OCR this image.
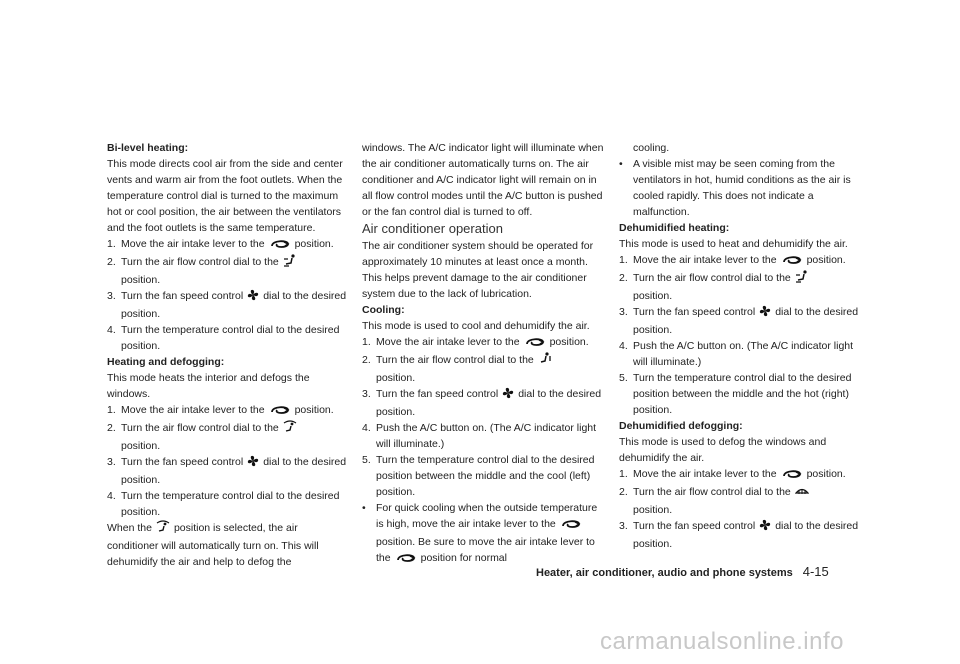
Bi-level heating:

This mode directs cool air from the side and center vents and warm air from the foot outlets. When the temperature control dial is turned to the maximum hot or cool position, the air between the ventilators and the foot outlets is the same temperature.

1. Move the air intake lever to the	position.
2. Turn the air flow control dial to the
position.
3. Turn the fan speed control dial to the desired position.
4. Turn the temperature control dial to the desired position.

Heating and defogging:

This mode heats the interior and defogs the windows.

1. Move the air intake lever to the	position.
2. Turn the air flow control dial to the
position.
3. Turn the fan speed control dial to the desired position.
4. Turn the temperature control dial to the desired position.

When the position is selected, the air conditioner will automatically turn on. This will dehumidify the air and help to defog the

windows. The A/C indicator light will illuminate when the air conditioner automatically turns on. The air conditioner and A/C indicator light will remain on in all flow control modes until the A/C button is pushed or the fan control dial is turned to off.

Air conditioner operation

The air conditioner system should be operated for approximately 10 minutes at least once a month. This helps prevent damage to the air conditioner system due to the lack of lubrication.

Cooling:

This mode is used to cool and dehumidify the air.

1. Move the air intake lever to the	position.
2. Turn the air flow control dial to the
position.
3. Turn the fan speed control dial to the desired position.
4. Push the A/C button on. (The A/C indicator light will illuminate.)
5. Turn the temperature control dial to the desired position between the middle and the cool (left) position.
• For quick cooling when the outside temperature is high, move the air intake lever to theposition. Be sure to move the air intake lever to the	position for normal

cooling.

• A visible mist may be seen coming from the ventilators in hot, humid conditions as the air is cooled rapidly. This does not indicate a malfunction.

Dehumidified heating:

This mode is used to heat and dehumidify the air.

1. Move the air intake lever to the	position.
2. Turn the air flow control dial to the
position.
3. Turn the fan speed control dial to the desired position.
4. Push the A/C button on. (The A/C indicator light will illuminate.)
5. Turn the temperature control dial to the desired position between the middle and the hot (right) position.

Dehumidified defogging:

This mode is used to defog the windows and dehumidify the air.

1. Move the air intake lever to the	position.
2. Turn the air flow control dial to the
position.
3. Turn the fan speed control dial to the desired position.
Heater, air conditioner, audio and phone systems 4-15
carmanualsonline.info
